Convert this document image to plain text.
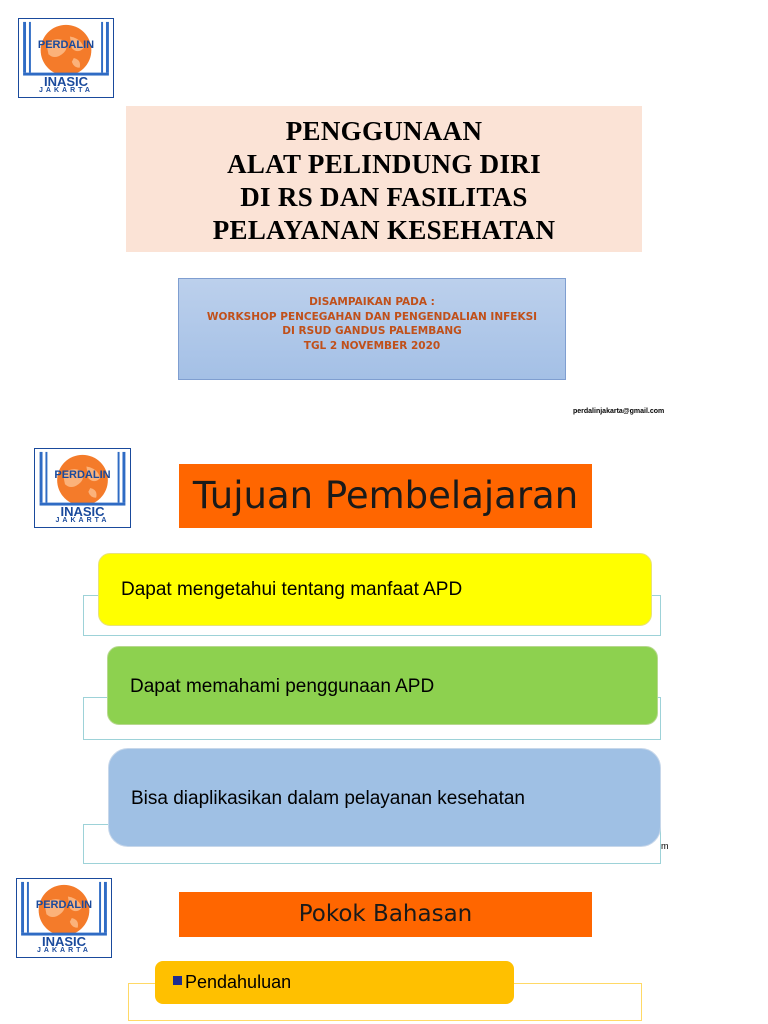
PERDALIN
INASIC
JAKARTA
PENGGUNAAN
ALAT PELINDUNG DIRI
DI RS DAN FASILITAS
PELAYANAN KESEHATAN
DISAMPAIKAN PADA :
WORKSHOP PENCEGAHAN DAN PENGENDALIAN INFEKSI
DI RSUD GANDUS PALEMBANG
TGL 2 NOVEMBER 2020
perdalinjakarta@gmail.com
PERDALIN
INASIC
JAKARTA
Tujuan Pembelajaran
Dapat mengetahui tentang manfaat APD
Dapat memahami penggunaan APD
Bisa diaplikasikan dalam pelayanan kesehatan
m
PERDALIN
INASIC
JAKARTA
Pokok Bahasan
Pendahuluan
